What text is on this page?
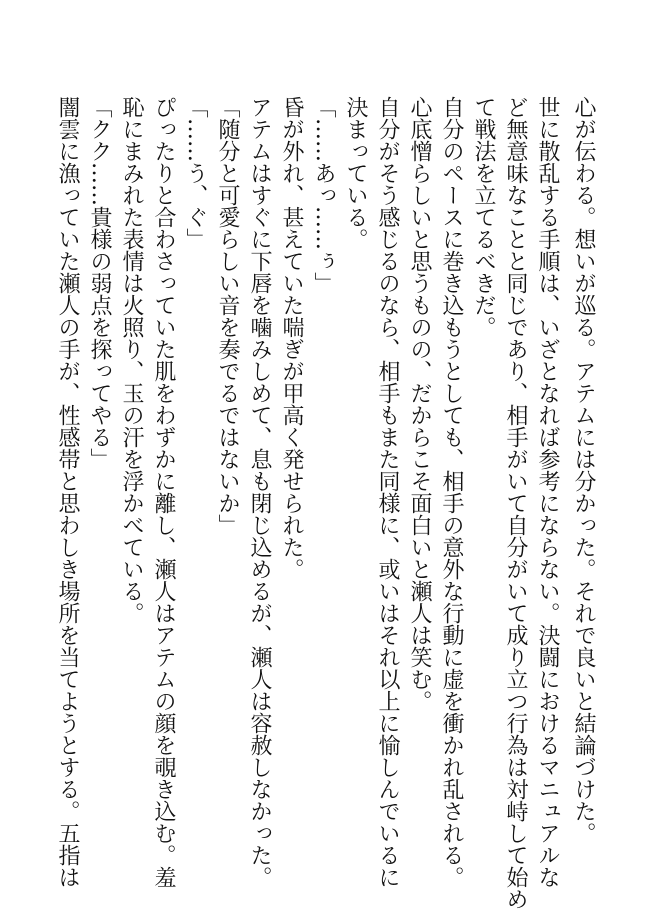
心が伝わる。想いが巡る。アテムには分かった。それで良いと結論づけた。
世に散乱する手順は、いざとなれば参考にならない。決闘におけるマニュアルな
ど無意味なことと同じであり、相手がいて自分がいて成り立つ行為は対峙して始め
て戦法を立てるべきだ。
自分のペースに巻き込もうとしても、相手の意外な行動に虚を衝かれ乱される。
心底憎らしいと思うものの、だからこそ面白いと瀬人は笑む。
自分がそう感じるのなら、相手もまた同様に、或いはそれ以上に愉しんでいるに
決まっている。
「……あっ……ぅ」
昏が外れ、甚えていた喘ぎが甲高く発せられた。
アテムはすぐに下唇を噛みしめて、息も閉じ込めるが、瀬人は容赦しなかった。
「随分と可愛らしい音を奏でるではないか」
「……う、ぐ」
ぴったりと合わさっていた肌をわずかに離し、瀬人はアテムの顔を覗き込む。羞
恥にまみれた表情は火照り、玉の汗を浮かべている。
「クク……貴様の弱点を探ってやる」
闇雲に漁っていた瀬人の手が、性感帯と思わしき場所を当てようとする。五指は
